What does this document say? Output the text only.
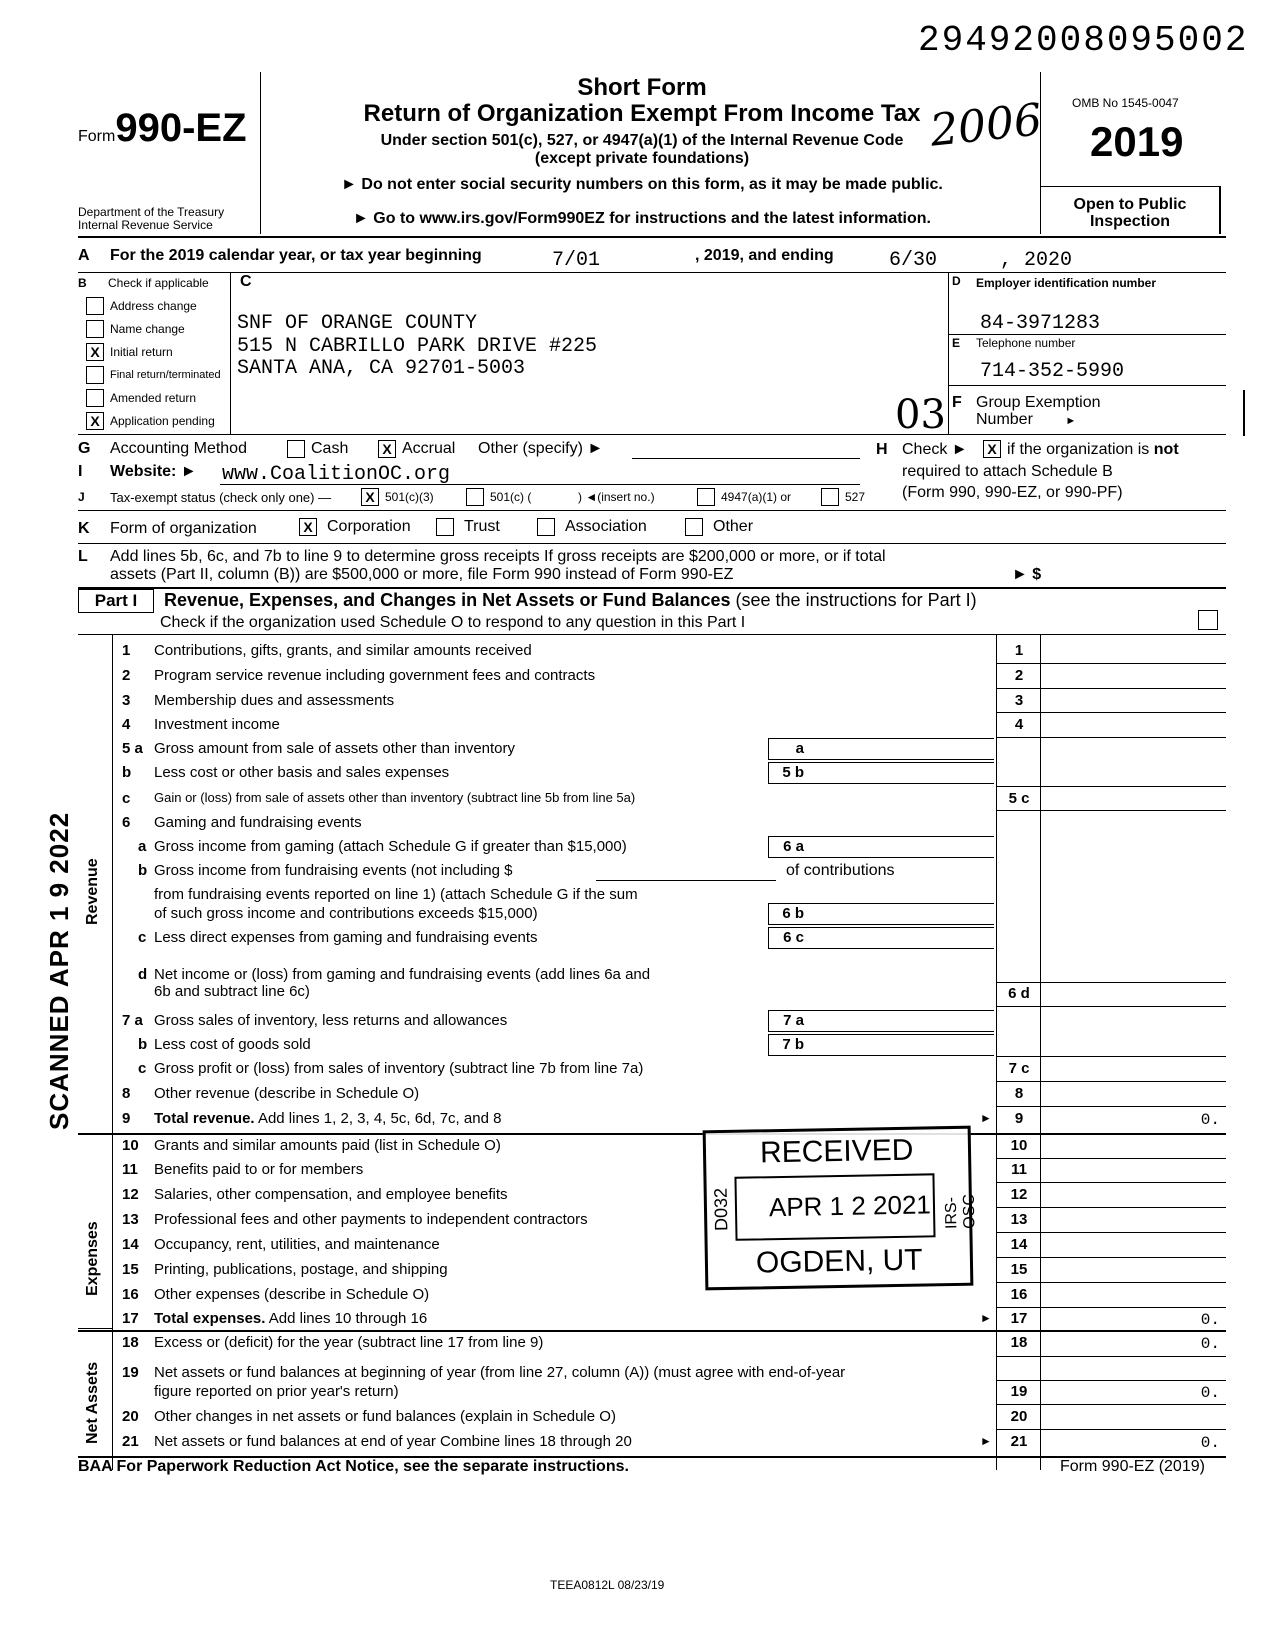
29492008095002
Form990-EZ
Department of the Treasury
Internal Revenue Service
Short Form
Return of Organization Exempt From Income Tax
Under section 501(c), 527, or 4947(a)(1) of the Internal Revenue Code
(except private foundations)
► Do not enter social security numbers on this form, as it may be made public.
► Go to www.irs.gov/Form990EZ for instructions and the latest information.
2006 OMB No 1545-0047
2019
Open to Public
Inspection
A For the 2019 calendar year, or tax year beginning	7/01	, 2019, and ending	6/30	, 2020
B Check if applicable
Address change
Name change
X Initial return
Final return/terminated
Amended return
X Application pending
C
SNF OF ORANGE COUNTY
515 N CABRILLO PARK DRIVE #225
SANTA ANA, CA 92701-5003
03
D Employer identification number
84-3971283
E Telephone number
714-352-5990
F Group Exemption
Number	►
G Accounting Method	Cash	X Accrual Other (specify) ►
I Website: ► www.CoalitionOC.org
J Tax-exempt status (check only one) —	X 501(c)(3)	501(c) (	) ◄(insert no.)	4947(a)(1) or	527
H Check ►	X if the organization is not
required to attach Schedule B
(Form 990, 990-EZ, or 990-PF)
K Form of organization	X Corporation	Trust	Association	Other
L Add lines 5b, 6c, and 7b to line 9 to determine gross receipts If gross receipts are $200,000 or more, or if total
assets (Part II, column (B)) are $500,000 or more, file Form 990 instead of Form 990-EZ	► $
Part I	Revenue, Expenses, and Changes in Net Assets or Fund Balances (see the instructions for Part I)
Check if the organization used Schedule O to respond to any question in this Part I
Revenue
Expenses
Net Assets
SCANNED APR 1 9 2022
1 Contributions, gifts, grants, and similar amounts received	1
2 Program service revenue including government fees and contracts	2
3 Membership dues and assessments	3
4 Investment income	4
5 a Gross amount from sale of assets other than inventory	a
b Less cost or other basis and sales expenses	5 b
c Gain or (loss) from sale of assets other than inventory (subtract line 5b from line 5a)	5 c
6 Gaming and fundraising events
a Gross income from gaming (attach Schedule G if greater than $15,000)	6 a
b Gross income from fundraising events (not including $	of contributions
from fundraising events reported on line 1) (attach Schedule G if the sum
of such gross income and contributions exceeds $15,000)	6 b
c Less direct expenses from gaming and fundraising events	6 c
d Net income or (loss) from gaming and fundraising events (add lines 6a and
6b and subtract line 6c)	6 d
7 a Gross sales of inventory, less returns and allowances	7 a
b Less cost of goods sold	7 b
c Gross profit or (loss) from sales of inventory (subtract line 7b from line 7a)	7 c
8 Other revenue (describe in Schedule O)	8
9 Total revenue. Add lines 1, 2, 3, 4, 5c, 6d, 7c, and 8	►	9	0.
10 Grants and similar amounts paid (list in Schedule O)	10
11 Benefits paid to or for members	11
12 Salaries, other compensation, and employee benefits	12
13 Professional fees and other payments to independent contractors	13
14 Occupancy, rent, utilities, and maintenance	14
15 Printing, publications, postage, and shipping	15
16 Other expenses (describe in Schedule O)	16
17 Total expenses. Add lines 10 through 16	►	17	0.
18 Excess or (deficit) for the year (subtract line 17 from line 9)	18	0.
19 Net assets or fund balances at beginning of year (from line 27, column (A)) (must agree with end-of-year
figure reported on prior year's return)	19	0.
20 Other changes in net assets or fund balances (explain in Schedule O)	20
21 Net assets or fund balances at end of year Combine lines 18 through 20	►	21	0.
RECEIVED
APR 1 2 2021
D032	IRS-OSC
OGDEN, UT
BAA For Paperwork Reduction Act Notice, see the separate instructions.	Form 990-EZ (2019)
TEEA0812L 08/23/19
